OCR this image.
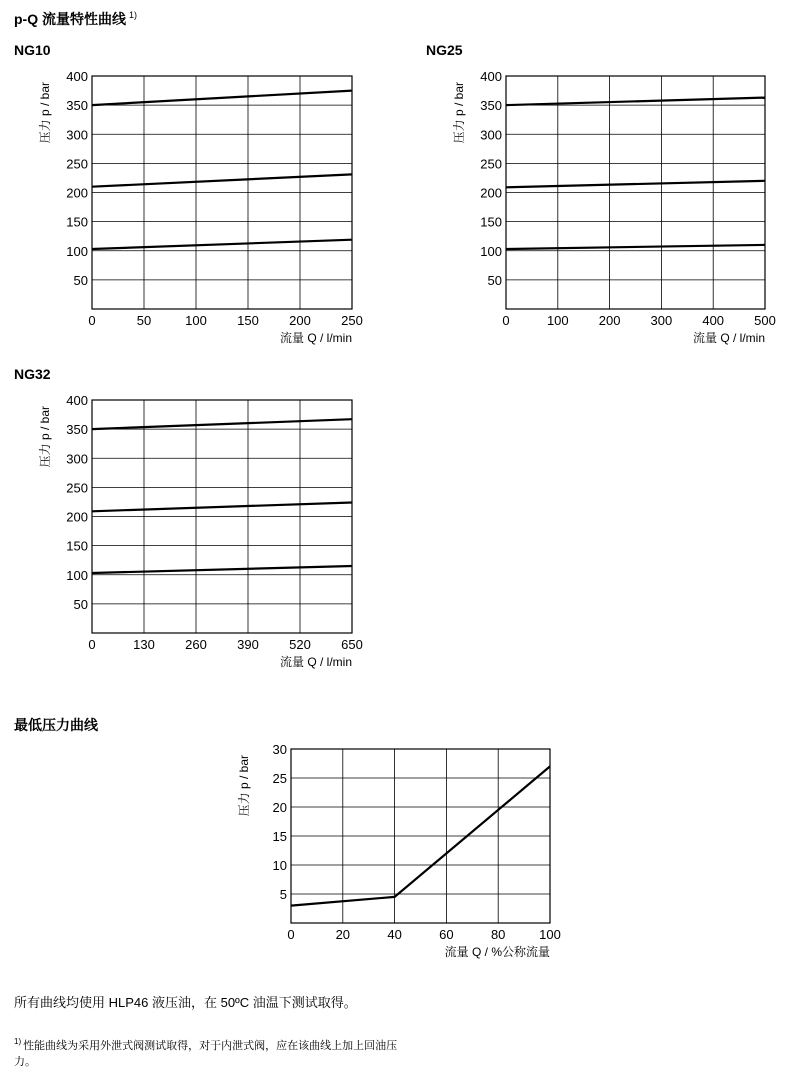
p-Q 流量特性曲线 $^{1)}$
NG10	NG25
NG32
最低压力曲线
0	50	100 150 200 250
50
100
150
200
250
300
350
400
流量 Q / l/min
压力 p / bar
0	100 200 300 400 500
50
100
150
200
250
300
350
400
流量 Q / l/min
压力 p / bar
0	130 260 390 520 650
50
100
150
200
250
300
350
400
流量 Q / l/min
压力 p / bar
0	20	40	60	80	100
5
10
15
20
25
30
流量 Q / %公称流量
压力 p / bar
所有曲线均使用 HLP46 液压油，在 50ºC 油温下测试取得。
$^{1)}$ 性能曲线为采用外泄式阀测试取得，对于内泄式阀，应在该曲线上加上回油压力。
